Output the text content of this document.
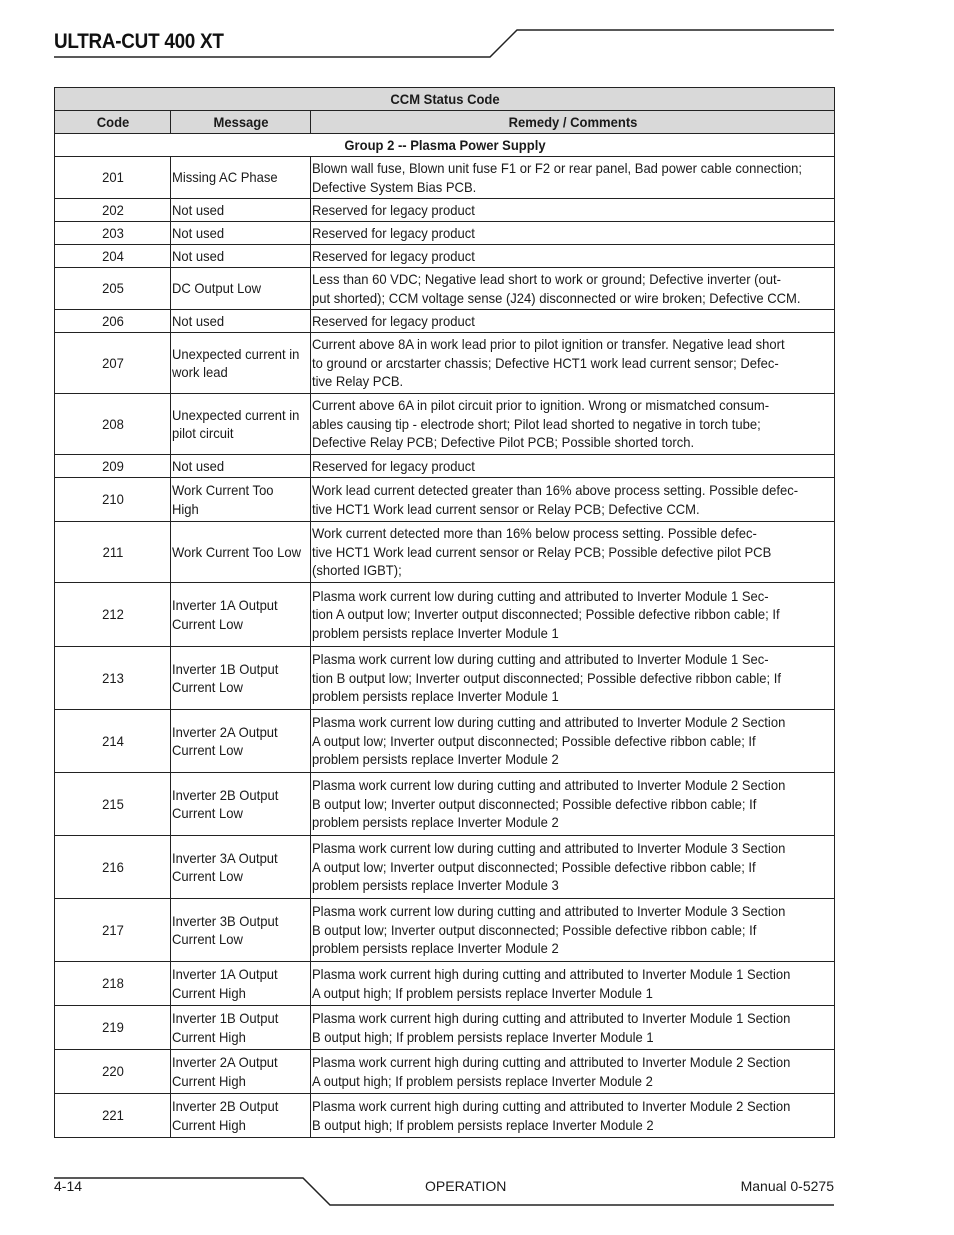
ULTRA-CUT 400 XT
CCM Status Code		

Code	Message	Remedy / Comments

Group 2 -- Plasma Power Supply		

201	Missing AC Phase	Blown wall fuse, Blown unit fuse F1 or F2 or rear panel, Bad power cable connection;
Defective System Bias PCB.

202	Not used	Reserved for legacy product

203	Not used	Reserved for legacy product

204	Not used	Reserved for legacy product

205	DC Output Low	Less than 60 VDC; Negative lead short to work or ground; Defective inverter (out-
put shorted); CCM voltage sense (J24) disconnected or wire broken; Defective CCM.

206	Not used	Reserved for legacy product

207	Unexpected current in
work lead	Current above 8A in work lead prior to pilot ignition or transfer. Negative lead short
to ground or arcstarter chassis; Defective HCT1 work lead current sensor; Defec-
tive Relay PCB.

208	Unexpected current in
pilot circuit	Current above 6A in pilot circuit prior to ignition. Wrong or mismatched consum-
ables causing tip - electrode short; Pilot lead shorted to negative in torch tube;
Defective Relay PCB; Defective Pilot PCB; Possible shorted torch.

209	Not used	Reserved for legacy product

210	Work Current Too
High	Work lead current detected greater than 16% above process setting. Possible defec-
tive HCT1 Work lead current sensor or Relay PCB; Defective CCM.

211	Work Current Too Low	Work current detected more than 16% below process setting. Possible defec-
tive HCT1 Work lead current sensor or Relay PCB; Possible defective pilot PCB
(shorted IGBT);

212	Inverter 1A Output
Current Low	Plasma work current low during cutting and attributed to Inverter Module 1 Sec-
tion A output low; Inverter output disconnected; Possible defective ribbon cable; If
problem persists replace Inverter Module 1

213	Inverter 1B Output
Current Low	Plasma work current low during cutting and attributed to Inverter Module 1 Sec-
tion B output low; Inverter output disconnected; Possible defective ribbon cable; If
problem persists replace Inverter Module 1

214	Inverter 2A Output
Current Low	Plasma work current low during cutting and attributed to Inverter Module 2 Section
A output low; Inverter output disconnected; Possible defective ribbon cable; If
problem persists replace Inverter Module 2

215	Inverter 2B Output
Current Low	Plasma work current low during cutting and attributed to Inverter Module 2 Section
B output low; Inverter output disconnected; Possible defective ribbon cable; If
problem persists replace Inverter Module 2

216	Inverter 3A Output
Current Low	Plasma work current low during cutting and attributed to Inverter Module 3 Section
A output low; Inverter output disconnected; Possible defective ribbon cable; If
problem persists replace Inverter Module 3

217	Inverter 3B Output
Current Low	Plasma work current low during cutting and attributed to Inverter Module 3 Section
B output low; Inverter output disconnected; Possible defective ribbon cable; If
problem persists replace Inverter Module 2

218	Inverter 1A Output
Current High	Plasma work current high during cutting and attributed to Inverter Module 1 Section
A output high; If problem persists replace Inverter Module 1

219	Inverter 1B Output
Current High	Plasma work current high during cutting and attributed to Inverter Module 1 Section
B output high; If problem persists replace Inverter Module 1

220	Inverter 2A Output
Current High	Plasma work current high during cutting and attributed to Inverter Module 2 Section
A output high; If problem persists replace Inverter Module 2

221	Inverter 2B Output
Current High	Plasma work current high during cutting and attributed to Inverter Module 2 Section
B output high; If problem persists replace Inverter Module 2
4-14	OPERATION	Manual 0-5275
